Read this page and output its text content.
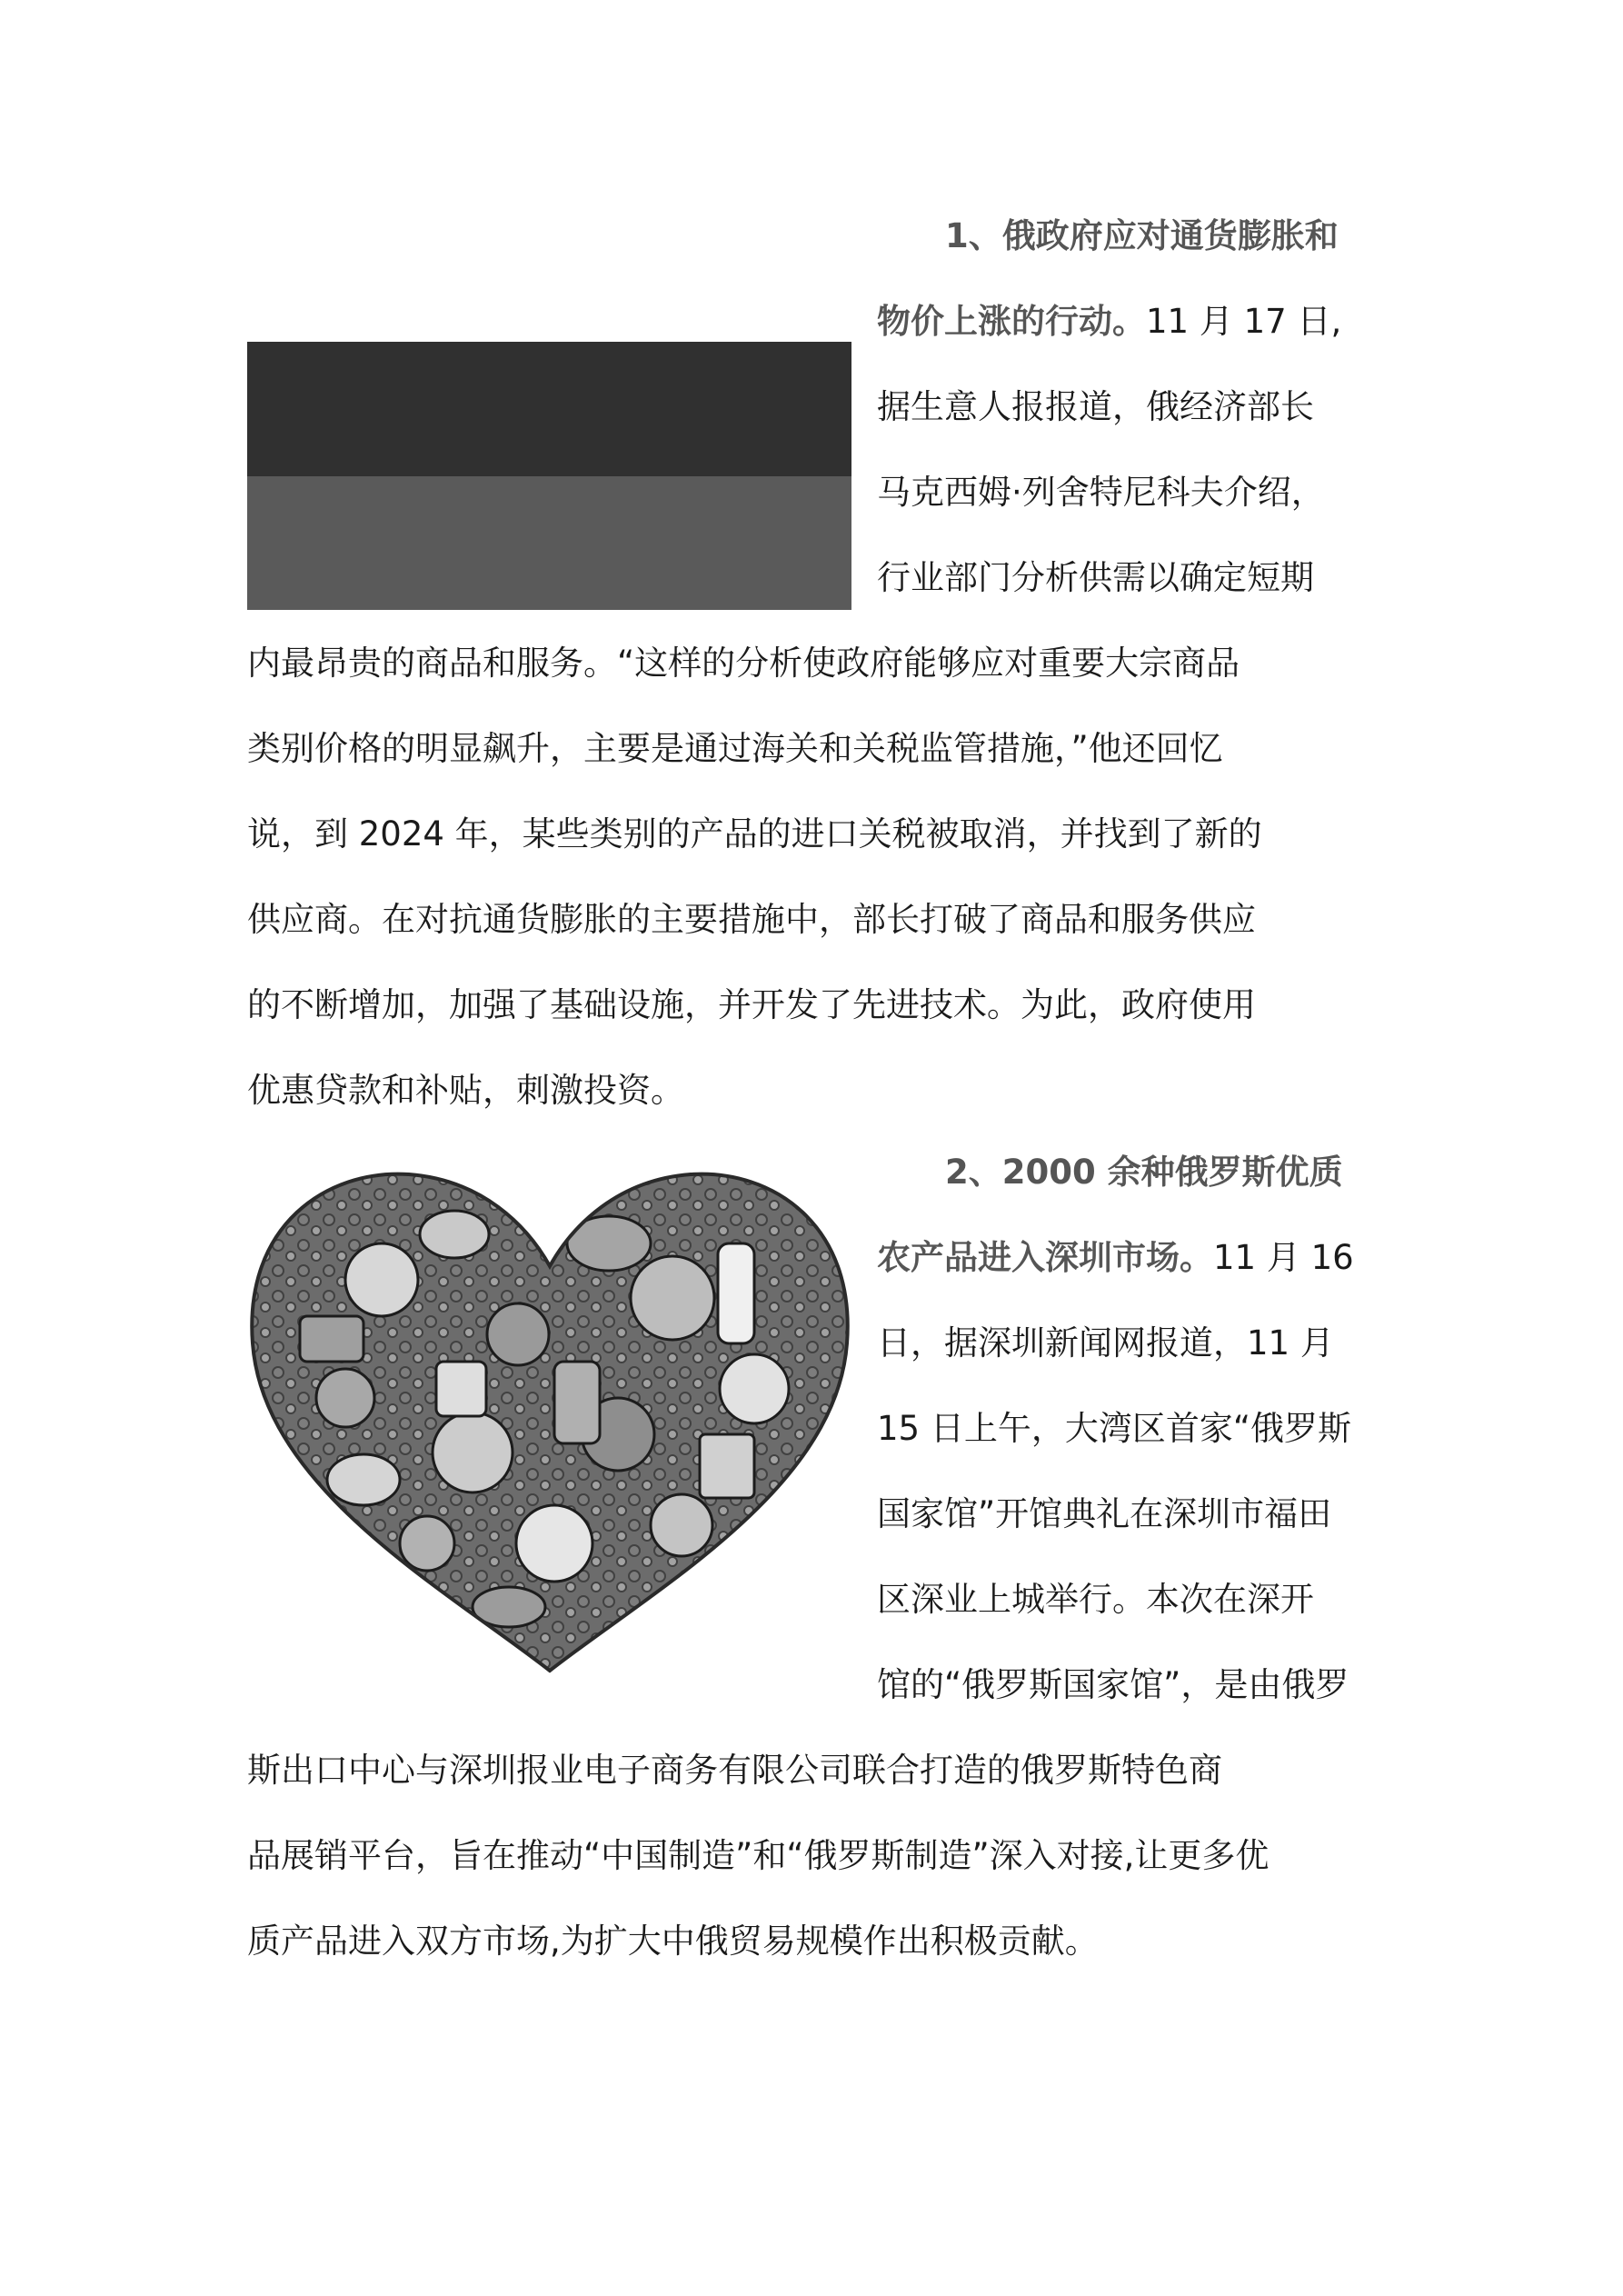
1、俄政府应对通货膨胀和
物价上涨的行动。11 月 17 日,
据生意人报报道，俄经济部长
马克西姆·列舍特尼科夫介绍，
行业部门分析供需以确定短期
内最昂贵的商品和服务。“这样的分析使政府能够应对重要大宗商品
类别价格的明显飙升，主要是通过海关和关税监管措施，”他还回忆
说，到 2024 年，某些类别的产品的进口关税被取消，并找到了新的
供应商。在对抗通货膨胀的主要措施中，部长打破了商品和服务供应
的不断增加，加强了基础设施，并开发了先进技术。为此，政府使用
优惠贷款和补贴，刺激投资。
2、2000 余种俄罗斯优质
农产品进入深圳市场。11 月 16
日，据深圳新闻网报道，11 月
15 日上午，大湾区首家“俄罗斯
国家馆”开馆典礼在深圳市福田
区深业上城举行。本次在深开
馆的“俄罗斯国家馆”，是由俄罗
斯出口中心与深圳报业电子商务有限公司联合打造的俄罗斯特色商
品展销平台，旨在推动“中国制造”和“俄罗斯制造”深入对接,让更多优
质产品进入双方市场,为扩大中俄贸易规模作出积极贡献。
